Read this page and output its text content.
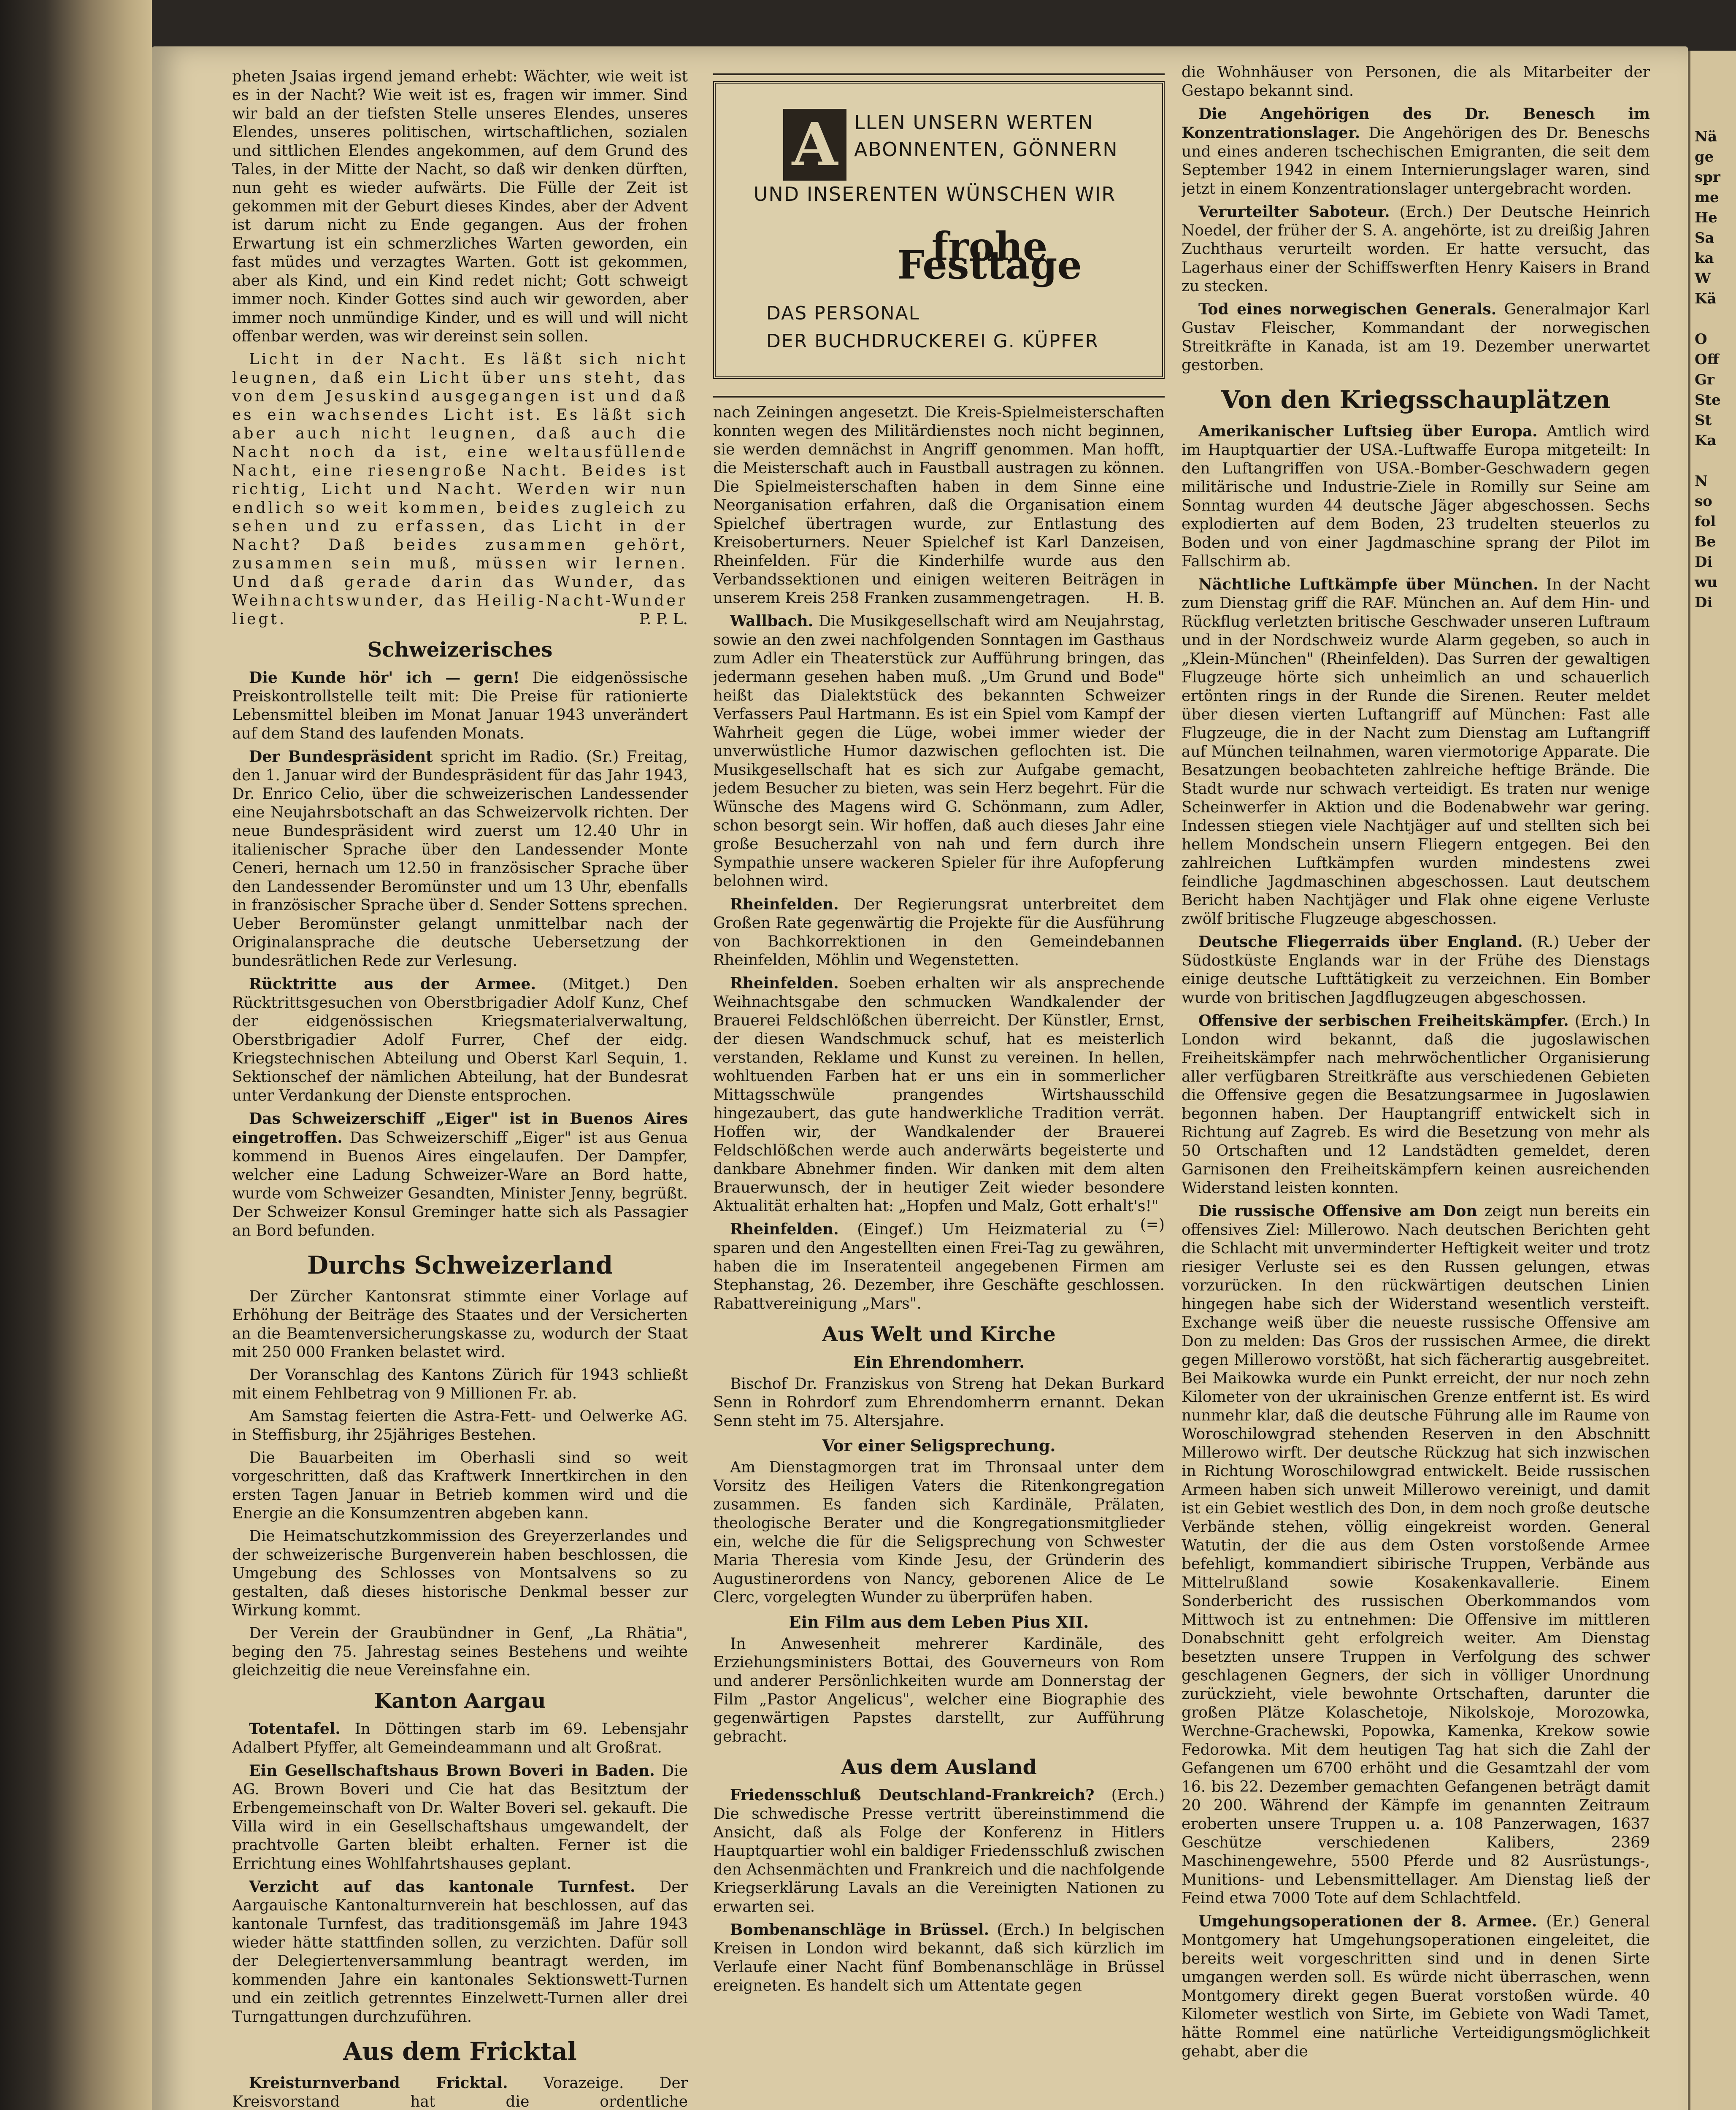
Nä
ge
spr
me
He
Sa
ka
W
Kä

O
Off
Gr
Ste
St
Ka

N
so
fol
Be
Di
wu
Di

pheten Jsaias irgend jemand erhebt: Wächter, wie weit ist es in der Nacht? Wie weit ist es, fragen wir immer. Sind wir bald an der tiefsten Stelle unseres Elendes, unseres Elendes, unseres politischen, wirtschaftlichen, sozialen und sittlichen Elendes angekommen, auf dem Grund des Tales, in der Mitte der Nacht, so daß wir denken dürften, nun geht es wieder aufwärts. Die Fülle der Zeit ist gekommen mit der Geburt dieses Kindes, aber der Advent ist darum nicht zu Ende gegangen. Aus der frohen Erwartung ist ein schmerzliches Warten geworden, ein fast müdes und verzagtes Warten. Gott ist gekommen, aber als Kind, und ein Kind redet nicht; Gott schweigt immer noch. Kinder Gottes sind auch wir geworden, aber immer noch unmündige Kinder, und es will und will nicht offenbar werden, was wir dereinst sein sollen.

Licht in der Nacht. Es läßt sich nicht leugnen, daß ein Licht über uns steht, das von dem Jesuskind ausgegangen ist und daß es ein wachsendes Licht ist. Es läßt sich aber auch nicht leugnen, daß auch die Nacht noch da ist, eine weltausfüllende Nacht, eine riesengroße Nacht. Beides ist richtig, Licht und Nacht. Werden wir nun endlich so weit kommen, beides zugleich zu sehen und zu erfassen, das Licht in der Nacht? Daß beides zusammen gehört, zusammen sein muß, müssen wir lernen. Und daß gerade darin das Wunder, das Weihnachtswunder, das Heilig-Nacht-Wunder liegt.	P. P. L.

Schweizerisches

Die Kunde hör' ich — gern! Die eidgenössische Preiskontrollstelle teilt mit: Die Preise für rationierte Lebensmittel bleiben im Monat Januar 1943 unverändert auf dem Stand des laufenden Monats.

Der Bundespräsident spricht im Radio. (Sr.) Freitag, den 1. Januar wird der Bundespräsident für das Jahr 1943, Dr. Enrico Celio, über die schweizerischen Landessender eine Neujahrsbotschaft an das Schweizervolk richten. Der neue Bundespräsident wird zuerst um 12.40 Uhr in italienischer Sprache über den Landessender Monte Ceneri, hernach um 12.50 in französischer Sprache über den Landessender Beromünster und um 13 Uhr, ebenfalls in französischer Sprache über d. Sender Sottens sprechen. Ueber Beromünster gelangt unmittelbar nach der Originalansprache die deutsche Uebersetzung der bundesrätlichen Rede zur Verlesung.

Rücktritte aus der Armee. (Mitget.) Den Rücktrittsgesuchen von Oberstbrigadier Adolf Kunz, Chef der eidgenössischen Kriegsmaterialverwaltung, Oberstbrigadier Adolf Furrer, Chef der eidg. Kriegstechnischen Abteilung und Oberst Karl Sequin, 1. Sektionschef der nämlichen Abteilung, hat der Bundesrat unter Verdankung der Dienste entsprochen.

Das Schweizerschiff „Eiger" ist in Buenos Aires eingetroffen. Das Schweizerschiff „Eiger" ist aus Genua kommend in Buenos Aires eingelaufen. Der Dampfer, welcher eine Ladung Schweizer-Ware an Bord hatte, wurde vom Schweizer Gesandten, Minister Jenny, begrüßt. Der Schweizer Konsul Greminger hatte sich als Passagier an Bord befunden.

Durchs Schweizerland

Der Zürcher Kantonsrat stimmte einer Vorlage auf Erhöhung der Beiträge des Staates und der Versicherten an die Beamtenversicherungskasse zu, wodurch der Staat mit 250 000 Franken belastet wird.

Der Voranschlag des Kantons Zürich für 1943 schließt mit einem Fehlbetrag von 9 Millionen Fr. ab.

Am Samstag feierten die Astra-Fett- und Oelwerke AG. in Steffisburg, ihr 25jähriges Bestehen.

Die Bauarbeiten im Oberhasli sind so weit vorgeschritten, daß das Kraftwerk Innertkirchen in den ersten Tagen Januar in Betrieb kommen wird und die Energie an die Konsumzentren abgeben kann.

Die Heimatschutzkommission des Greyerzerlandes und der schweizerische Burgenverein haben beschlossen, die Umgebung des Schlosses von Montsalvens so zu gestalten, daß dieses historische Denkmal besser zur Wirkung kommt.

Der Verein der Graubündner in Genf, „La Rhätia", beging den 75. Jahrestag seines Bestehens und weihte gleichzeitig die neue Vereinsfahne ein.

Kanton Aargau

Totentafel. In Döttingen starb im 69. Lebensjahr Adalbert Pfyffer, alt Gemeindeammann und alt Großrat.

Ein Gesellschaftshaus Brown Boveri in Baden. Die AG. Brown Boveri und Cie hat das Besitztum der Erbengemeinschaft von Dr. Walter Boveri sel. gekauft. Die Villa wird in ein Gesellschaftshaus umgewandelt, der prachtvolle Garten bleibt erhalten. Ferner ist die Errichtung eines Wohlfahrtshauses geplant.

Verzicht auf das kantonale Turnfest. Der Aargauische Kantonalturnverein hat beschlossen, auf das kantonale Turnfest, das traditionsgemäß im Jahre 1943 wieder hätte stattfinden sollen, zu verzichten. Dafür soll der Delegiertenversammlung beantragt werden, im kommenden Jahre ein kantonales Sektionswett-Turnen und ein zeitlich getrenntes Einzelwett-Turnen aller drei Turngattungen durchzuführen.

Aus dem Fricktal

Kreisturnverband Fricktal. Vorazeige. Der Kreisvorstand hat die ordentliche

A LLEN UNSERN WERTEN
ABONNENTEN, GÖNNERN
UND INSERENTEN WÜNSCHEN WIR
frohe Festtage
DAS PERSONAL
DER BUCHDRUCKEREI G. KÜPFER

nach Zeiningen angesetzt. Die Kreis-Spielmeisterschaften konnten wegen des Militärdienstes noch nicht beginnen, sie werden demnächst in Angriff genommen. Man hofft, die Meisterschaft auch in Faustball austragen zu können. Die Spielmeisterschaften haben in dem Sinne eine Neorganisation erfahren, daß die Organisation einem Spielchef übertragen wurde, zur Entlastung des Kreisoberturners. Neuer Spielchef ist Karl Danzeisen, Rheinfelden. Für die Kinderhilfe wurde aus den Verbandssektionen und einigen weiteren Beiträgen in unserem Kreis 258 Franken zusammengetragen. H. B.

Wallbach. Die Musikgesellschaft wird am Neujahrstag, sowie an den zwei nachfolgenden Sonntagen im Gasthaus zum Adler ein Theaterstück zur Aufführung bringen, das jedermann gesehen haben muß. „Um Grund und Bode" heißt das Dialektstück des bekannten Schweizer Verfassers Paul Hartmann. Es ist ein Spiel vom Kampf der Wahrheit gegen die Lüge, wobei immer wieder der unverwüstliche Humor dazwischen geflochten ist. Die Musikgesellschaft hat es sich zur Aufgabe gemacht, jedem Besucher zu bieten, was sein Herz begehrt. Für die Wünsche des Magens wird G. Schönmann, zum Adler, schon besorgt sein. Wir hoffen, daß auch dieses Jahr eine große Besucherzahl von nah und fern durch ihre Sympathie unsere wackeren Spieler für ihre Aufopferung belohnen wird.

Rheinfelden. Der Regierungsrat unterbreitet dem Großen Rate gegenwärtig die Projekte für die Ausführung von Bachkorrektionen in den Gemeindebannen Rheinfelden, Möhlin und Wegenstetten.

Rheinfelden. Soeben erhalten wir als ansprechende Weihnachtsgabe den schmucken Wandkalender der Brauerei Feldschlößchen überreicht. Der Künstler, Ernst, der diesen Wandschmuck schuf, hat es meisterlich verstanden, Reklame und Kunst zu vereinen. In hellen, wohltuenden Farben hat er uns ein in sommerlicher Mittagsschwüle prangendes Wirtshausschild hingezaubert, das gute handwerkliche Tradition verrät. Hoffen wir, der Wandkalender der Brauerei Feldschlößchen werde auch anderwärts begeisterte und dankbare Abnehmer finden. Wir danken mit dem alten Brauerwunsch, der in heutiger Zeit wieder besondere Aktualität erhalten hat: „Hopfen und Malz, Gott erhalt's!"
(=)

Rheinfelden. (Eingef.) Um Heizmaterial zu sparen und den Angestellten einen Frei-Tag zu gewähren, haben die im Inseratenteil angegebenen Firmen am Stephanstag, 26. Dezember, ihre Geschäfte geschlossen. Rabattvereinigung „Mars".

Aus Welt und Kirche
Ein Ehrendomherr.

Bischof Dr. Franziskus von Streng hat Dekan Burkard Senn in Rohrdorf zum Ehrendomherrn ernannt. Dekan Senn steht im 75. Altersjahre.

Vor einer Seligsprechung.

Am Dienstagmorgen trat im Thronsaal unter dem Vorsitz des Heiligen Vaters die Ritenkongregation zusammen. Es fanden sich Kardinäle, Prälaten, theologische Berater und die Kongregationsmitglieder ein, welche die für die Seligsprechung von Schwester Maria Theresia vom Kinde Jesu, der Gründerin des Augustinerordens von Nancy, geborenen Alice de Le Clerc, vorgelegten Wunder zu überprüfen haben.

Ein Film aus dem Leben Pius XII.

In Anwesenheit mehrerer Kardinäle, des Erziehungsministers Bottai, des Gouverneurs von Rom und anderer Persönlichkeiten wurde am Donnerstag der Film „Pastor Angelicus", welcher eine Biographie des gegenwärtigen Papstes darstellt, zur Aufführung gebracht.

Aus dem Ausland

Friedensschluß Deutschland-Frankreich? (Erch.) Die schwedische Presse vertritt übereinstimmend die Ansicht, daß als Folge der Konferenz in Hitlers Hauptquartier wohl ein baldiger Friedensschluß zwischen den Achsenmächten und Frankreich und die nachfolgende Kriegserklärung Lavals an die Vereinigten Nationen zu erwarten sei.

Bombenanschläge in Brüssel. (Erch.) In belgischen Kreisen in London wird bekannt, daß sich kürzlich im Verlaufe einer Nacht fünf Bombenanschläge in Brüssel ereigneten. Es handelt sich um Attentate gegen

die Wohnhäuser von Personen, die als Mitarbeiter der Gestapo bekannt sind.

Die Angehörigen des Dr. Benesch im Konzentrationslager. Die Angehörigen des Dr. Beneschs und eines anderen tschechischen Emigranten, die seit dem September 1942 in einem Internierungslager waren, sind jetzt in einem Konzentrationslager untergebracht worden.

Verurteilter Saboteur. (Erch.) Der Deutsche Heinrich Noedel, der früher der S. A. angehörte, ist zu dreißig Jahren Zuchthaus verurteilt worden. Er hatte versucht, das Lagerhaus einer der Schiffswerften Henry Kaisers in Brand zu stecken.

Tod eines norwegischen Generals. Generalmajor Karl Gustav Fleischer, Kommandant der norwegischen Streitkräfte in Kanada, ist am 19. Dezember unerwartet gestorben.

Von den Kriegsschauplätzen

Amerikanischer Luftsieg über Europa. Amtlich wird im Hauptquartier der USA.-Luftwaffe Europa mitgeteilt: In den Luftangriffen von USA.-Bomber-Geschwadern gegen militärische und Industrie-Ziele in Romilly sur Seine am Sonntag wurden 44 deutsche Jäger abgeschossen. Sechs explodierten auf dem Boden, 23 trudelten steuerlos zu Boden und von einer Jagdmaschine sprang der Pilot im Fallschirm ab.

Nächtliche Luftkämpfe über München. In der Nacht zum Dienstag griff die RAF. München an. Auf dem Hin- und Rückflug verletzten britische Geschwader unseren Luftraum und in der Nordschweiz wurde Alarm gegeben, so auch in „Klein-München" (Rheinfelden). Das Surren der gewaltigen Flugzeuge hörte sich unheimlich an und schauerlich ertönten rings in der Runde die Sirenen. Reuter meldet über diesen vierten Luftangriff auf München: Fast alle Flugzeuge, die in der Nacht zum Dienstag am Luftangriff auf München teilnahmen, waren viermotorige Apparate. Die Besatzungen beobachteten zahlreiche heftige Brände. Die Stadt wurde nur schwach verteidigt. Es traten nur wenige Scheinwerfer in Aktion und die Bodenabwehr war gering. Indessen stiegen viele Nachtjäger auf und stellten sich bei hellem Mondschein unsern Fliegern entgegen. Bei den zahlreichen Luftkämpfen wurden mindestens zwei feindliche Jagdmaschinen abgeschossen. Laut deutschem Bericht haben Nachtjäger und Flak ohne eigene Verluste zwölf britische Flugzeuge abgeschossen.

Deutsche Fliegerraids über England. (R.) Ueber der Südostküste Englands war in der Frühe des Dienstags einige deutsche Lufttätigkeit zu verzeichnen. Ein Bomber wurde von britischen Jagdflugzeugen abgeschossen.

Offensive der serbischen Freiheitskämpfer. (Erch.) In London wird bekannt, daß die jugoslawischen Freiheitskämpfer nach mehrwöchentlicher Organisierung aller verfügbaren Streitkräfte aus verschiedenen Gebieten die Offensive gegen die Besatzungsarmee in Jugoslawien begonnen haben. Der Hauptangriff entwickelt sich in Richtung auf Zagreb. Es wird die Besetzung von mehr als 50 Ortschaften und 12 Landstädten gemeldet, deren Garnisonen den Freiheitskämpfern keinen ausreichenden Widerstand leisten konnten.

Die russische Offensive am Don zeigt nun bereits ein offensives Ziel: Millerowo. Nach deutschen Berichten geht die Schlacht mit unverminderter Heftigkeit weiter und trotz riesiger Verluste sei es den Russen gelungen, etwas vorzurücken. In den rückwärtigen deutschen Linien hingegen habe sich der Widerstand wesentlich versteift. Exchange weiß über die neueste russische Offensive am Don zu melden: Das Gros der russischen Armee, die direkt gegen Millerowo vorstößt, hat sich fächerartig ausgebreitet. Bei Maikowka wurde ein Punkt erreicht, der nur noch zehn Kilometer von der ukrainischen Grenze entfernt ist. Es wird nunmehr klar, daß die deutsche Führung alle im Raume von Woroschilowgrad stehenden Reserven in den Abschnitt Millerowo wirft. Der deutsche Rückzug hat sich inzwischen in Richtung Woroschilowgrad entwickelt. Beide russischen Armeen haben sich unweit Millerowo vereinigt, und damit ist ein Gebiet westlich des Don, in dem noch große deutsche Verbände stehen, völlig eingekreist worden. General Watutin, der die aus dem Osten vorstoßende Armee befehligt, kommandiert sibirische Truppen, Verbände aus Mittelrußland sowie Kosakenkavallerie. Einem Sonderbericht des russischen Oberkommandos vom Mittwoch ist zu entnehmen: Die Offensive im mittleren Donabschnitt geht erfolgreich weiter. Am Dienstag besetzten unsere Truppen in Verfolgung des schwer geschlagenen Gegners, der sich in völliger Unordnung zurückzieht, viele bewohnte Ortschaften, darunter die großen Plätze Kolaschetoje, Nikolskoje, Morozowka, Werchne-Grachewski, Popowka, Kamenka, Krekow sowie Fedorowka. Mit dem heutigen Tag hat sich die Zahl der Gefangenen um 6700 erhöht und die Gesamtzahl der vom 16. bis 22. Dezember gemachten Gefangenen beträgt damit 20 200. Während der Kämpfe im genannten Zeitraum eroberten unsere Truppen u. a. 108 Panzerwagen, 1637 Geschütze verschiedenen Kalibers, 2369 Maschinengewehre, 5500 Pferde und 82 Ausrüstungs-, Munitions- und Lebensmittellager. Am Dienstag ließ der Feind etwa 7000 Tote auf dem Schlachtfeld.

Umgehungsoperationen der 8. Armee. (Er.) General Montgomery hat Umgehungsoperationen eingeleitet, die bereits weit vorgeschritten sind und in denen Sirte umgangen werden soll. Es würde nicht überraschen, wenn Montgomery direkt gegen Buerat vorstoßen würde. 40 Kilometer westlich von Sirte, im Gebiete von Wadi Tamet, hätte Rommel eine natürliche Verteidigungsmöglichkeit gehabt, aber die
